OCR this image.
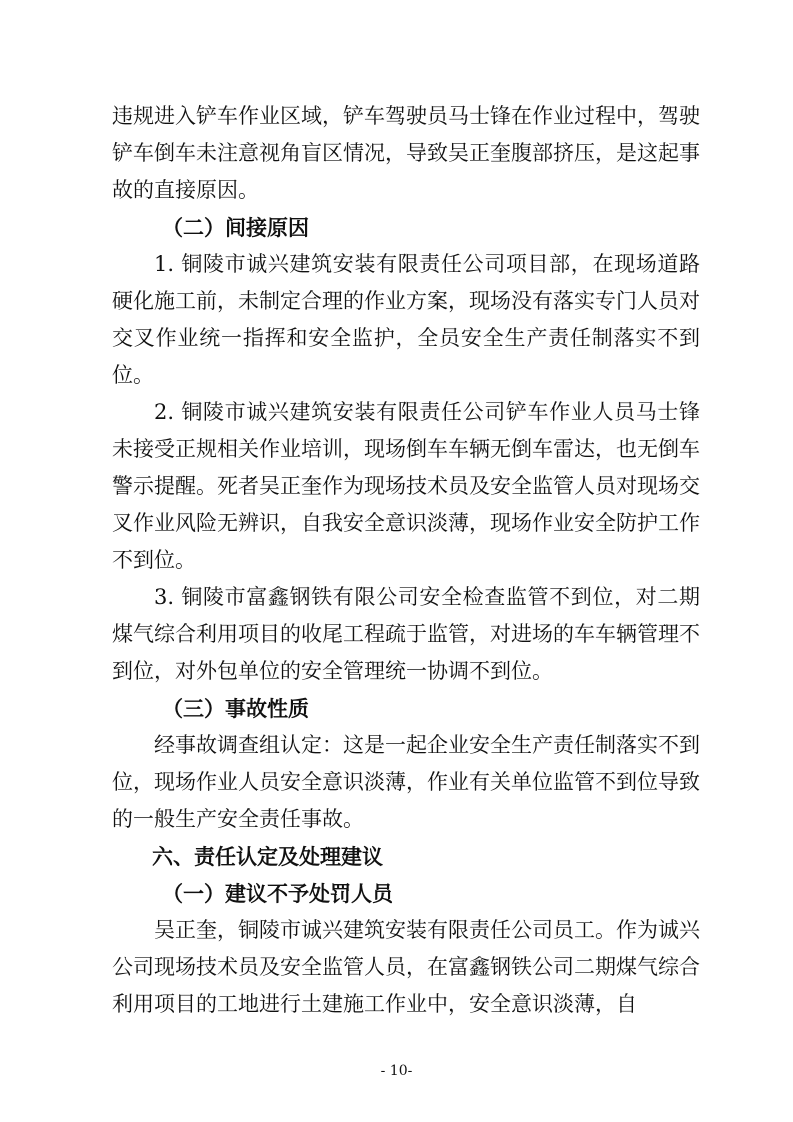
违规进入铲车作业区域，铲车驾驶员马士锋在作业过程中，驾驶铲车倒车未注意视角盲区情况，导致吴正奎腹部挤压，是这起事故的直接原因。

（二）间接原因

1. 铜陵市诚兴建筑安装有限责任公司项目部，在现场道路硬化施工前，未制定合理的作业方案，现场没有落实专门人员对交叉作业统一指挥和安全监护，全员安全生产责任制落实不到位。

2. 铜陵市诚兴建筑安装有限责任公司铲车作业人员马士锋未接受正规相关作业培训，现场倒车车辆无倒车雷达，也无倒车警示提醒。死者吴正奎作为现场技术员及安全监管人员对现场交叉作业风险无辨识，自我安全意识淡薄，现场作业安全防护工作不到位。

3. 铜陵市富鑫钢铁有限公司安全检查监管不到位，对二期煤气综合利用项目的收尾工程疏于监管，对进场的车车辆管理不到位，对外包单位的安全管理统一协调不到位。

（三）事故性质

经事故调查组认定：这是一起企业安全生产责任制落实不到位，现场作业人员安全意识淡薄，作业有关单位监管不到位导致的一般生产安全责任事故。

六、责任认定及处理建议

（一）建议不予处罚人员

吴正奎，铜陵市诚兴建筑安装有限责任公司员工。作为诚兴公司现场技术员及安全监管人员，在富鑫钢铁公司二期煤气综合利用项目的工地进行土建施工作业中，安全意识淡薄，自

- 10-
